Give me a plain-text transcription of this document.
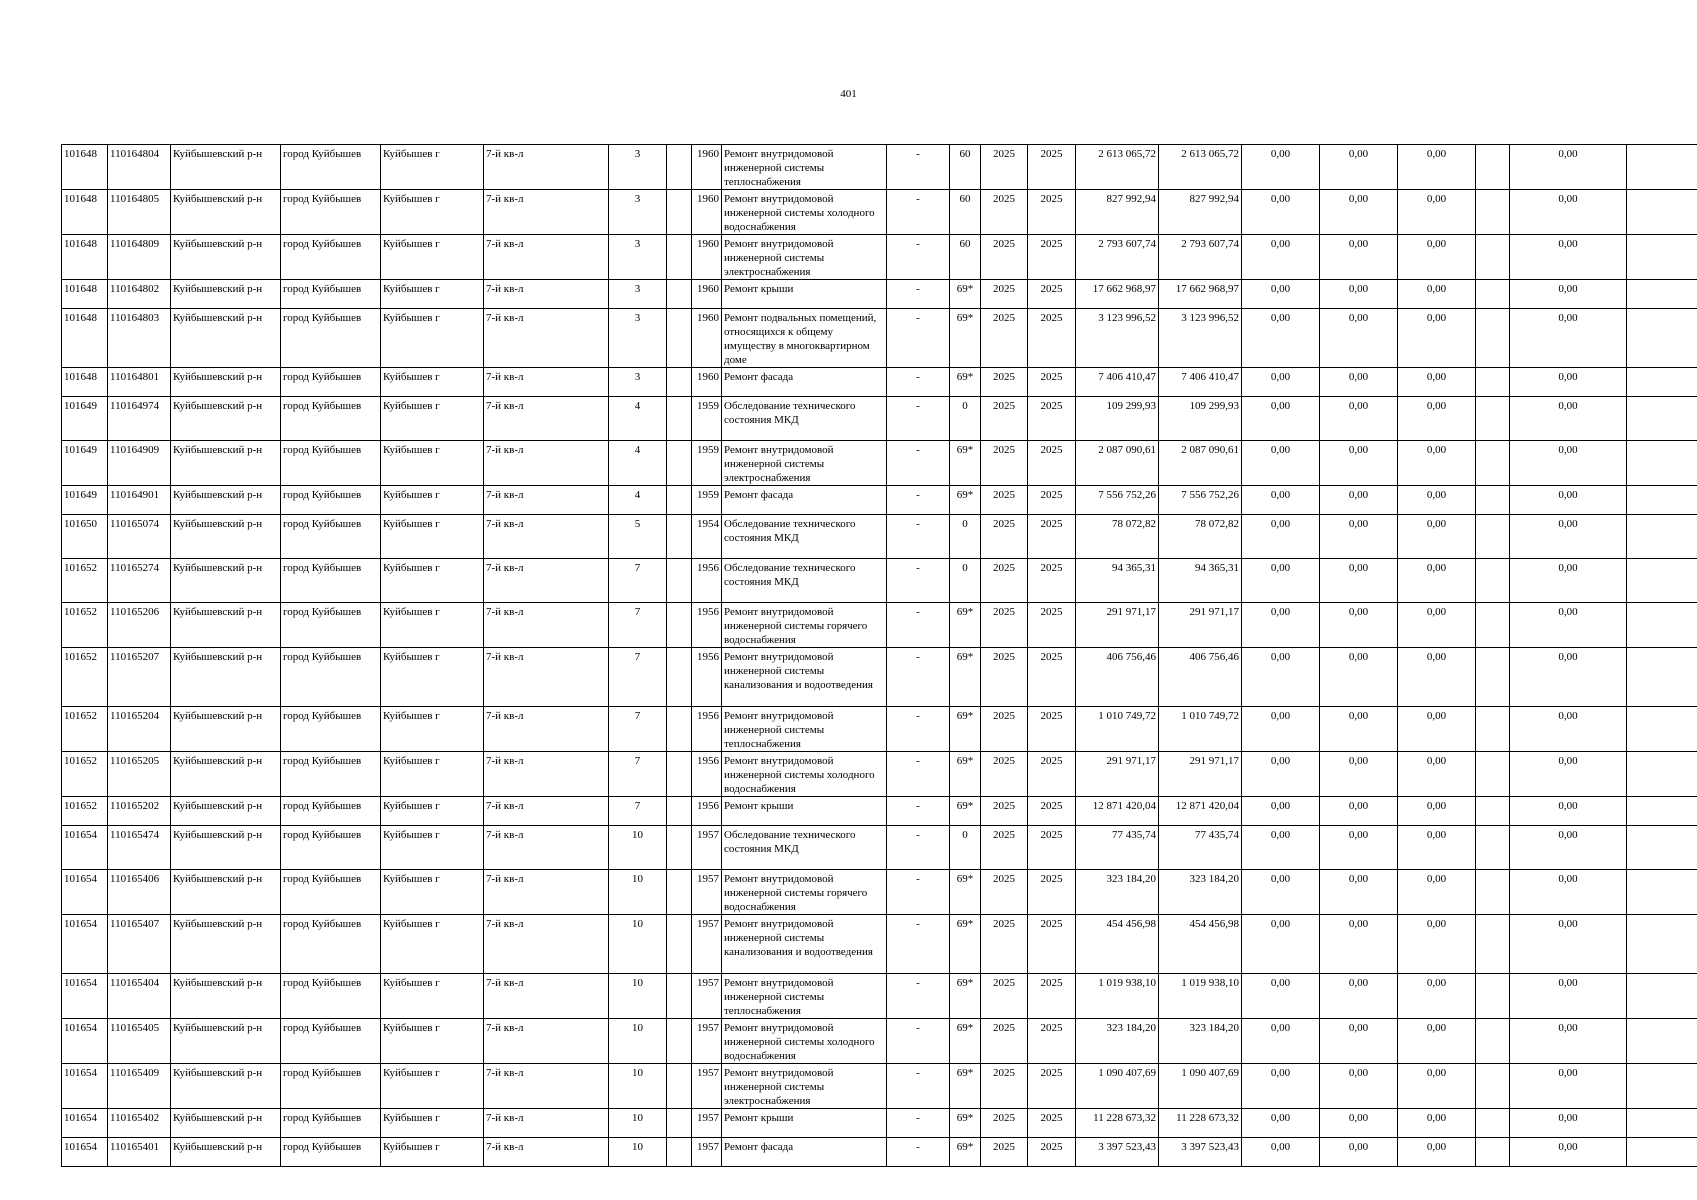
401
101648	110164804	Куйбышевский р-н	город Куйбышев	Куйбышев г	7-й кв-л	3		1960	Ремонт внутридомовой инженерной системы теплоснабжения	-	60	2025	2025	2 613 065,72	2 613 065,72	0,00	0,00	0,00		0,00	
101648	110164805	Куйбышевский р-н	город Куйбышев	Куйбышев г	7-й кв-л	3		1960	Ремонт внутридомовой инженерной системы холодного водоснабжения	-	60	2025	2025	827 992,94	827 992,94	0,00	0,00	0,00		0,00	
101648	110164809	Куйбышевский р-н	город Куйбышев	Куйбышев г	7-й кв-л	3		1960	Ремонт внутридомовой инженерной системы электроснабжения	-	60	2025	2025	2 793 607,74	2 793 607,74	0,00	0,00	0,00		0,00	
101648	110164802	Куйбышевский р-н	город Куйбышев	Куйбышев г	7-й кв-л	3		1960	Ремонт крыши	-	69*	2025	2025	17 662 968,97	17 662 968,97	0,00	0,00	0,00		0,00	
101648	110164803	Куйбышевский р-н	город Куйбышев	Куйбышев г	7-й кв-л	3		1960	Ремонт подвальных помещений, относящихся к общему имуществу в многоквартирном доме	-	69*	2025	2025	3 123 996,52	3 123 996,52	0,00	0,00	0,00		0,00	
101648	110164801	Куйбышевский р-н	город Куйбышев	Куйбышев г	7-й кв-л	3		1960	Ремонт фасада	-	69*	2025	2025	7 406 410,47	7 406 410,47	0,00	0,00	0,00		0,00	
101649	110164974	Куйбышевский р-н	город Куйбышев	Куйбышев г	7-й кв-л	4		1959	Обследование технического состояния МКД	-	0	2025	2025	109 299,93	109 299,93	0,00	0,00	0,00		0,00	
101649	110164909	Куйбышевский р-н	город Куйбышев	Куйбышев г	7-й кв-л	4		1959	Ремонт внутридомовой инженерной системы электроснабжения	-	69*	2025	2025	2 087 090,61	2 087 090,61	0,00	0,00	0,00		0,00	
101649	110164901	Куйбышевский р-н	город Куйбышев	Куйбышев г	7-й кв-л	4		1959	Ремонт фасада	-	69*	2025	2025	7 556 752,26	7 556 752,26	0,00	0,00	0,00		0,00	
101650	110165074	Куйбышевский р-н	город Куйбышев	Куйбышев г	7-й кв-л	5		1954	Обследование технического состояния МКД	-	0	2025	2025	78 072,82	78 072,82	0,00	0,00	0,00		0,00	
101652	110165274	Куйбышевский р-н	город Куйбышев	Куйбышев г	7-й кв-л	7		1956	Обследование технического состояния МКД	-	0	2025	2025	94 365,31	94 365,31	0,00	0,00	0,00		0,00	
101652	110165206	Куйбышевский р-н	город Куйбышев	Куйбышев г	7-й кв-л	7		1956	Ремонт внутридомовой инженерной системы горячего водоснабжения	-	69*	2025	2025	291 971,17	291 971,17	0,00	0,00	0,00		0,00	
101652	110165207	Куйбышевский р-н	город Куйбышев	Куйбышев г	7-й кв-л	7		1956	Ремонт внутридомовой инженерной системы канализования и водоотведения	-	69*	2025	2025	406 756,46	406 756,46	0,00	0,00	0,00		0,00	
101652	110165204	Куйбышевский р-н	город Куйбышев	Куйбышев г	7-й кв-л	7		1956	Ремонт внутридомовой инженерной системы теплоснабжения	-	69*	2025	2025	1 010 749,72	1 010 749,72	0,00	0,00	0,00		0,00	
101652	110165205	Куйбышевский р-н	город Куйбышев	Куйбышев г	7-й кв-л	7		1956	Ремонт внутридомовой инженерной системы холодного водоснабжения	-	69*	2025	2025	291 971,17	291 971,17	0,00	0,00	0,00		0,00	
101652	110165202	Куйбышевский р-н	город Куйбышев	Куйбышев г	7-й кв-л	7		1956	Ремонт крыши	-	69*	2025	2025	12 871 420,04	12 871 420,04	0,00	0,00	0,00		0,00	
101654	110165474	Куйбышевский р-н	город Куйбышев	Куйбышев г	7-й кв-л	10		1957	Обследование технического состояния МКД	-	0	2025	2025	77 435,74	77 435,74	0,00	0,00	0,00		0,00	
101654	110165406	Куйбышевский р-н	город Куйбышев	Куйбышев г	7-й кв-л	10		1957	Ремонт внутридомовой инженерной системы горячего водоснабжения	-	69*	2025	2025	323 184,20	323 184,20	0,00	0,00	0,00		0,00	
101654	110165407	Куйбышевский р-н	город Куйбышев	Куйбышев г	7-й кв-л	10		1957	Ремонт внутридомовой инженерной системы канализования и водоотведения	-	69*	2025	2025	454 456,98	454 456,98	0,00	0,00	0,00		0,00	
101654	110165404	Куйбышевский р-н	город Куйбышев	Куйбышев г	7-й кв-л	10		1957	Ремонт внутридомовой инженерной системы теплоснабжения	-	69*	2025	2025	1 019 938,10	1 019 938,10	0,00	0,00	0,00		0,00	
101654	110165405	Куйбышевский р-н	город Куйбышев	Куйбышев г	7-й кв-л	10		1957	Ремонт внутридомовой инженерной системы холодного водоснабжения	-	69*	2025	2025	323 184,20	323 184,20	0,00	0,00	0,00		0,00	
101654	110165409	Куйбышевский р-н	город Куйбышев	Куйбышев г	7-й кв-л	10		1957	Ремонт внутридомовой инженерной системы электроснабжения	-	69*	2025	2025	1 090 407,69	1 090 407,69	0,00	0,00	0,00		0,00	
101654	110165402	Куйбышевский р-н	город Куйбышев	Куйбышев г	7-й кв-л	10		1957	Ремонт крыши	-	69*	2025	2025	11 228 673,32	11 228 673,32	0,00	0,00	0,00		0,00	
101654	110165401	Куйбышевский р-н	город Куйбышев	Куйбышев г	7-й кв-л	10		1957	Ремонт фасада	-	69*	2025	2025	3 397 523,43	3 397 523,43	0,00	0,00	0,00		0,00	
